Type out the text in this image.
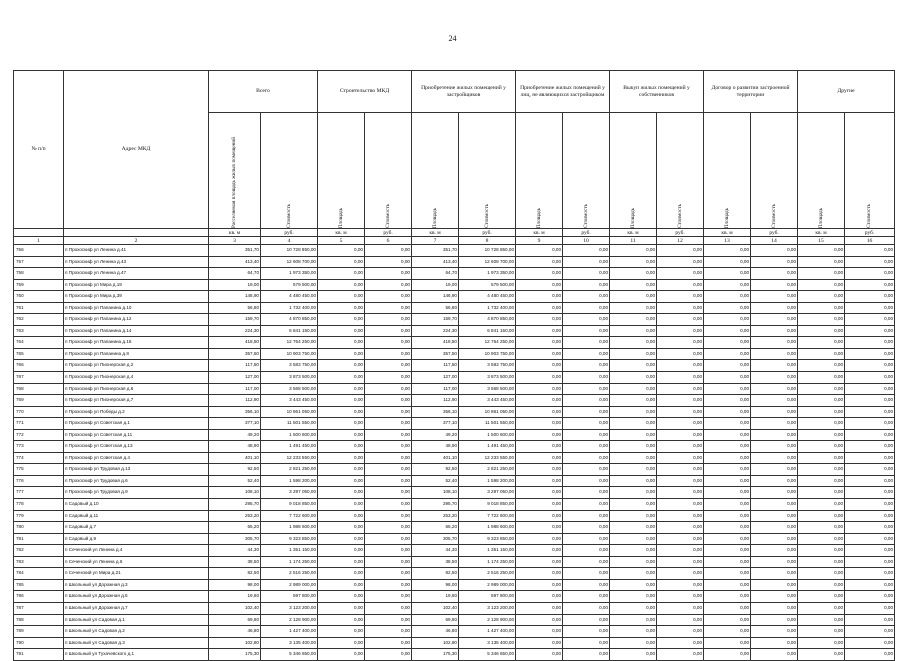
24
№ п/п	Адрес МКД	Всего		Строительство МКД		Приобретение жилых помещений у застройщиков		Приобретение жилых помещений у лиц, не являющихся застройщиком		Выкуп жилых помещений у собственников		Договор о развитии застроенной территории		Другие	

		Расселяемая площадь жилых помещений	Стоимость	Площадь	Стоимость	Площадь	Стоимость	Площадь	Стоимость	Площадь	Стоимость	Площадь	Стоимость	Площадь	Стоимость

		кв. м	руб.	кв. м	руб.	кв. м	руб.	кв. м	руб.	кв. м	руб.	кв. м	руб.	кв. м	руб.
1	2	3	4	5	6	7	8	9	10	11	12	13	14	15	16
756	п Прохоскиф ул Ленина д.41	351,70	10 728 850,00	0,00	0,00	351,70	10 728 850,00	0,00	0,00	0,00	0,00	0,00	0,00	0,00	0,00
757	п Прохоскиф ул Ленина д.43	413,40	12 608 700,00	0,00	0,00	413,40	12 608 700,00	0,00	0,00	0,00	0,00	0,00	0,00	0,00	0,00
758	п Прохоскиф ул Ленина д.47	64,70	1 973 350,00	0,00	0,00	64,70	1 973 350,00	0,00	0,00	0,00	0,00	0,00	0,00	0,00	0,00
759	п Прохоскиф ул Мира д.19	19,00	579 500,00	0,00	0,00	19,00	579 500,00	0,00	0,00	0,00	0,00	0,00	0,00	0,00	0,00
760	п Прохоскиф ул Мира д.39	146,90	4 480 450,00	0,00	0,00	146,90	4 480 450,00	0,00	0,00	0,00	0,00	0,00	0,00	0,00	0,00
761	п Прохоскиф ул Папанина д.10	56,80	1 732 400,00	0,00	0,00	56,80	1 732 400,00	0,00	0,00	0,00	0,00	0,00	0,00	0,00	0,00
762	п Прохоскиф ул Папанина д.12	159,70	4 870 850,00	0,00	0,00	159,70	4 870 850,00	0,00	0,00	0,00	0,00	0,00	0,00	0,00	0,00
763	п Прохоскиф ул Папанина д.14	224,30	6 841 150,00	0,00	0,00	224,30	6 841 150,00	0,00	0,00	0,00	0,00	0,00	0,00	0,00	0,00
764	п Прохоскиф ул Папанина д.16	418,50	12 764 250,00	0,00	0,00	418,50	12 764 250,00	0,00	0,00	0,00	0,00	0,00	0,00	0,00	0,00
765	п Прохоскиф ул Папанина д.8	357,50	10 903 750,00	0,00	0,00	357,50	10 903 750,00	0,00	0,00	0,00	0,00	0,00	0,00	0,00	0,00
766	п Прохоскиф ул Пионерская д.2	117,50	3 583 750,00	0,00	0,00	117,50	3 583 750,00	0,00	0,00	0,00	0,00	0,00	0,00	0,00	0,00
767	п Прохоскиф ул Пионерская д.4	127,00	3 873 500,00	0,00	0,00	127,00	3 873 500,00	0,00	0,00	0,00	0,00	0,00	0,00	0,00	0,00
768	п Прохоскиф ул Пионерская д.6	117,00	3 568 500,00	0,00	0,00	117,00	3 568 500,00	0,00	0,00	0,00	0,00	0,00	0,00	0,00	0,00
769	п Прохоскиф ул Пионерская д.7	112,90	3 443 450,00	0,00	0,00	112,90	3 443 450,00	0,00	0,00	0,00	0,00	0,00	0,00	0,00	0,00
770	п Прохоскиф ул Победы д.2	356,10	10 861 050,00	0,00	0,00	356,10	10 861 050,00	0,00	0,00	0,00	0,00	0,00	0,00	0,00	0,00
771	п Прохоскиф ул Советская д.1	377,10	11 501 550,00	0,00	0,00	377,10	11 501 550,00	0,00	0,00	0,00	0,00	0,00	0,00	0,00	0,00
772	п Прохоскиф ул Советская д.11	49,20	1 500 600,00	0,00	0,00	49,20	1 500 600,00	0,00	0,00	0,00	0,00	0,00	0,00	0,00	0,00
773	п Прохоскиф ул Советская д.13	48,90	1 491 450,00	0,00	0,00	48,90	1 491 450,00	0,00	0,00	0,00	0,00	0,00	0,00	0,00	0,00
774	п Прохоскиф ул Советская д.4	401,10	12 233 550,00	0,00	0,00	401,10	12 233 550,00	0,00	0,00	0,00	0,00	0,00	0,00	0,00	0,00
775	п Прохоскиф ул Трудовая д.13	92,50	2 821 250,00	0,00	0,00	92,50	2 821 250,00	0,00	0,00	0,00	0,00	0,00	0,00	0,00	0,00
776	п Прохоскиф ул Трудовая д.6	52,40	1 598 200,00	0,00	0,00	52,40	1 598 200,00	0,00	0,00	0,00	0,00	0,00	0,00	0,00	0,00
777	п Прохоскиф ул Трудовая д.9	108,10	3 297 050,00	0,00	0,00	108,10	3 297 050,00	0,00	0,00	0,00	0,00	0,00	0,00	0,00	0,00
778	п Садовый д.10	295,70	9 018 850,00	0,00	0,00	295,70	9 018 850,00	0,00	0,00	0,00	0,00	0,00	0,00	0,00	0,00
779	п Садовый д.11	253,20	7 722 600,00	0,00	0,00	253,20	7 722 600,00	0,00	0,00	0,00	0,00	0,00	0,00	0,00	0,00
780	п Садовый д.7	65,20	1 988 600,00	0,00	0,00	65,20	1 988 600,00	0,00	0,00	0,00	0,00	0,00	0,00	0,00	0,00
781	п Садовый д.9	305,70	9 323 850,00	0,00	0,00	305,70	9 323 850,00	0,00	0,00	0,00	0,00	0,00	0,00	0,00	0,00
782	п Сеченский ул Ленина д.4	44,30	1 351 150,00	0,00	0,00	44,30	1 351 150,00	0,00	0,00	0,00	0,00	0,00	0,00	0,00	0,00
783	п Сеченский ул Ленина д.6	38,50	1 174 250,00	0,00	0,00	38,50	1 174 250,00	0,00	0,00	0,00	0,00	0,00	0,00	0,00	0,00
784	п Сеченский ул Мира д.21	82,50	2 516 250,00	0,00	0,00	82,50	2 516 250,00	0,00	0,00	0,00	0,00	0,00	0,00	0,00	0,00
785	п Школьный ул Дорожная д.3	98,00	2 989 000,00	0,00	0,00	98,00	2 989 000,00	0,00	0,00	0,00	0,00	0,00	0,00	0,00	0,00
786	п Школьный ул Дорожная д.5	19,60	597 800,00	0,00	0,00	19,60	597 800,00	0,00	0,00	0,00	0,00	0,00	0,00	0,00	0,00
787	п Школьный ул Дорожная д.7	102,40	3 123 200,00	0,00	0,00	102,40	3 123 200,00	0,00	0,00	0,00	0,00	0,00	0,00	0,00	0,00
788	п Школьный ул Садовая д.1	69,80	2 128 900,00	0,00	0,00	69,80	2 128 900,00	0,00	0,00	0,00	0,00	0,00	0,00	0,00	0,00
789	п Школьный ул Садовая д.2	46,80	1 427 400,00	0,00	0,00	46,80	1 427 400,00	0,00	0,00	0,00	0,00	0,00	0,00	0,00	0,00
790	п Школьный ул Садовая д.3	102,80	3 135 400,00	0,00	0,00	102,80	3 135 400,00	0,00	0,00	0,00	0,00	0,00	0,00	0,00	0,00
791	п Школьный ул Тухачевского д.1	175,30	5 346 650,00	0,00	0,00	175,30	5 346 650,00	0,00	0,00	0,00	0,00	0,00	0,00	0,00	0,00
